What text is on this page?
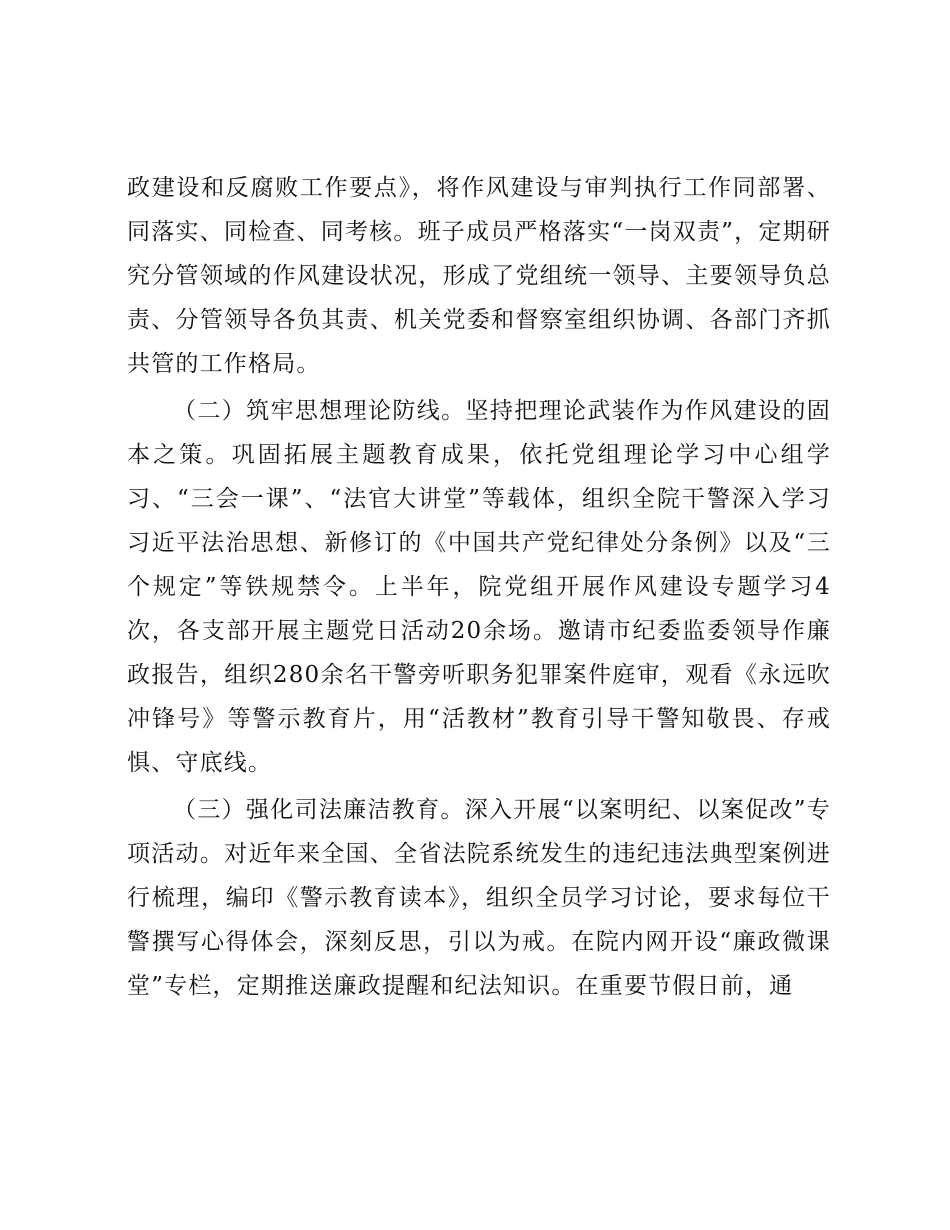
政建设和反腐败工作要点》，将作风建设与审判执行工作同部署、同落实、同检查、同考核。班子成员严格落实“一岗双责”，定期研究分管领域的作风建设状况，形成了党组统一领导、主要领导负总责、分管领导各负其责、机关党委和督察室组织协调、各部门齐抓共管的工作格局。

（二）筑牢思想理论防线。坚持把理论武装作为作风建设的固本之策。巩固拓展主题教育成果，依托党组理论学习中心组学习、“三会一课”、“法官大讲堂”等载体，组织全院干警深入学习习近平法治思想、新修订的《中国共产党纪律处分条例》以及“三个规定”等铁规禁令。上半年，院党组开展作风建设专题学习4次，各支部开展主题党日活动20余场。邀请市纪委监委领导作廉政报告，组织280余名干警旁听职务犯罪案件庭审，观看《永远吹冲锋号》等警示教育片，用“活教材”教育引导干警知敬畏、存戒惧、守底线。

（三）强化司法廉洁教育。深入开展“以案明纪、以案促改”专项活动。对近年来全国、全省法院系统发生的违纪违法典型案例进行梳理，编印《警示教育读本》，组织全员学习讨论，要求每位干警撰写心得体会，深刻反思，引以为戒。在院内网开设“廉政微课堂”专栏，定期推送廉政提醒和纪法知识。在重要节假日前，通
